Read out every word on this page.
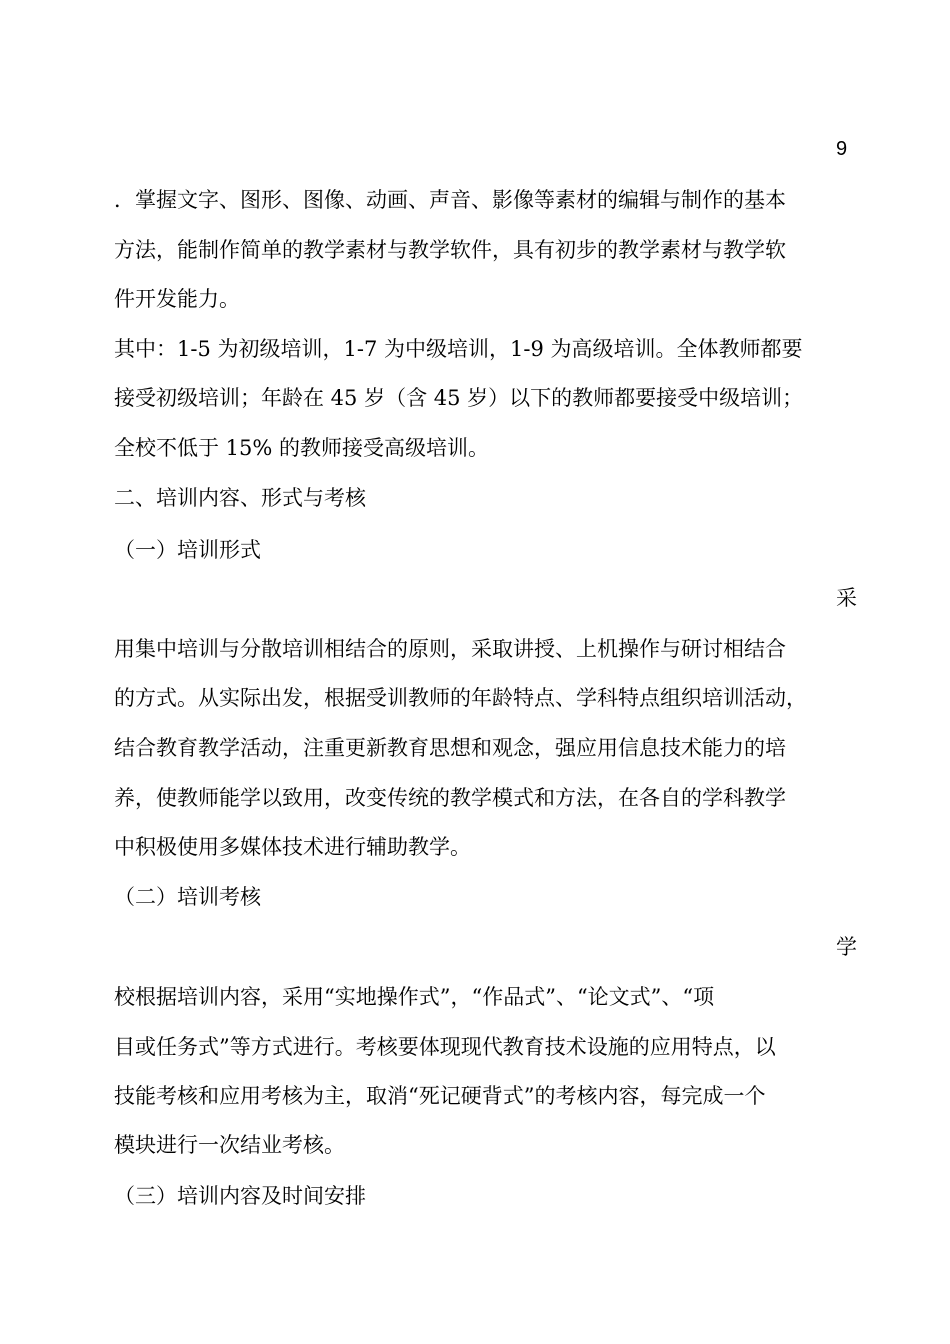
9
．掌握文字、图形、图像、动画、声音、影像等素材的编辑与制作的基本
方法，能制作简单的教学素材与教学软件，具有初步的教学素材与教学软
件开发能力。
其中：1-5 为初级培训，1-7 为中级培训，1-9 为高级培训。全体教师都要
接受初级培训；年龄在 45 岁（含 45 岁）以下的教师都要接受中级培训；
全校不低于 15% 的教师接受高级培训。
二、培训内容、形式与考核
（一）培训形式
采
用集中培训与分散培训相结合的原则，采取讲授、上机操作与研讨相结合
的方式。从实际出发，根据受训教师的年龄特点、学科特点组织培训活动，
结合教育教学活动，注重更新教育思想和观念，强应用信息技术能力的培
养，使教师能学以致用，改变传统的教学模式和方法，在各自的学科教学
中积极使用多媒体技术进行辅助教学。
（二）培训考核
学
校根据培训内容，采用“实地操作式”，“作品式”、“论文式”、“项
目或任务式”等方式进行。考核要体现现代教育技术设施的应用特点，以
技能考核和应用考核为主，取消“死记硬背式”的考核内容，每完成一个
模块进行一次结业考核。
（三）培训内容及时间安排
